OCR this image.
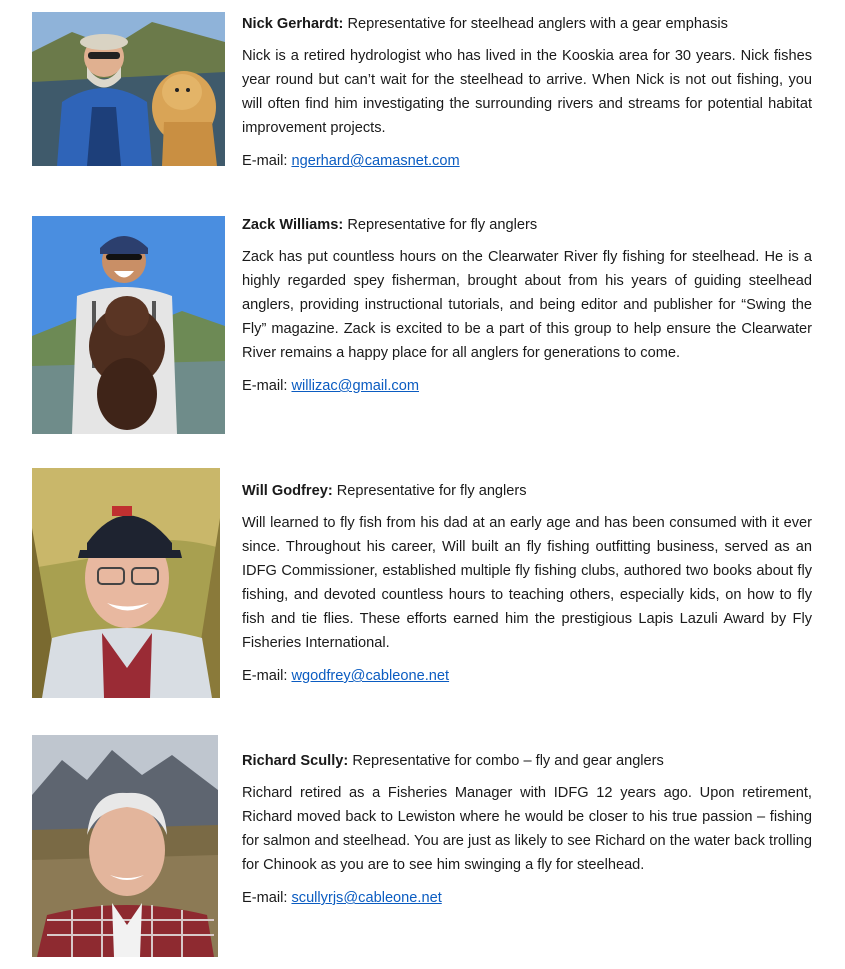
Nick Gerhardt: Representative for steelhead anglers with a gear emphasis

Nick is a retired hydrologist who has lived in the Kooskia area for 30 years. Nick fishes year round but can’t wait for the steelhead to arrive. When Nick is not out fishing, you will often find him investigating the surrounding rivers and streams for potential habitat improvement projects.

E-mail: ngerhard@camasnet.com

Zack Williams: Representative for fly anglers

Zack has put countless hours on the Clearwater River fly fishing for steelhead. He is a highly regarded spey fisherman, brought about from his years of guiding steelhead anglers, providing instructional tutorials, and being editor and publisher for “Swing the Fly” magazine. Zack is excited to be a part of this group to help ensure the Clearwater River remains a happy place for all anglers for generations to come.

E-mail: willizac@gmail.com

Will Godfrey: Representative for fly anglers

Will learned to fly fish from his dad at an early age and has been consumed with it ever since. Throughout his career, Will built an fly fishing outfitting business, served as an IDFG Commissioner, established multiple fly fishing clubs, authored two books about fly fishing, and devoted countless hours to teaching others, especially kids, on how to fly fish and tie flies. These efforts earned him the prestigious Lapis Lazuli Award by Fly Fisheries International.

E-mail: wgodfrey@cableone.net

Richard Scully: Representative for combo – fly and gear anglers

Richard retired as a Fisheries Manager with IDFG 12 years ago. Upon retirement, Richard moved back to Lewiston where he would be closer to his true passion – fishing for salmon and steelhead. You are just as likely to see Richard on the water back trolling for Chinook as you are to see him swinging a fly for steelhead.

E-mail: scullyrjs@cableone.net
